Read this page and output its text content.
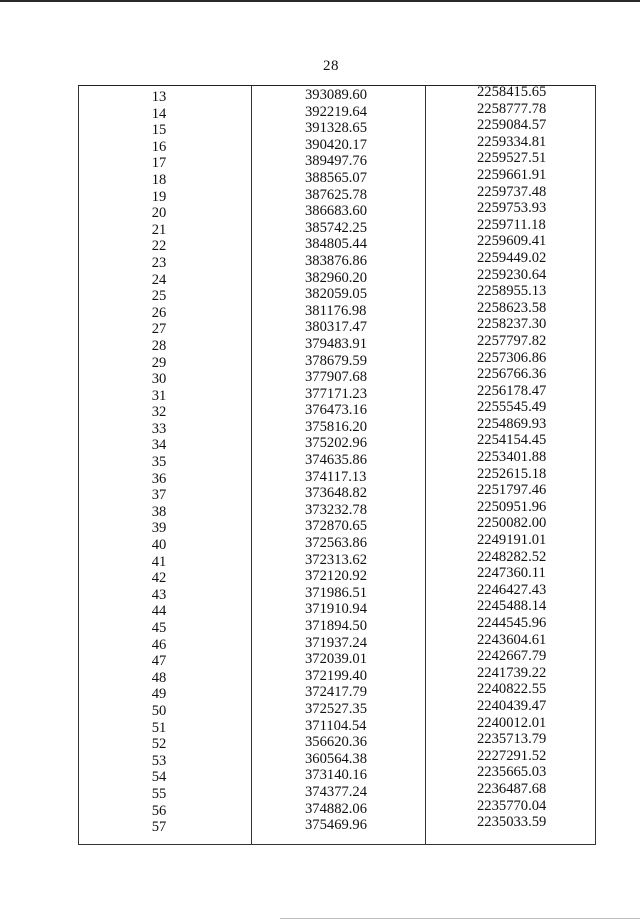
28
13	393089.60	2258415.65
14	392219.64	2258777.78
15	391328.65	2259084.57
16	390420.17	2259334.81
17	389497.76	2259527.51
18	388565.07	2259661.91
19	387625.78	2259737.48
20	386683.60	2259753.93
21	385742.25	2259711.18
22	384805.44	2259609.41
23	383876.86	2259449.02
24	382960.20	2259230.64
25	382059.05	2258955.13
26	381176.98	2258623.58
27	380317.47	2258237.30
28	379483.91	2257797.82
29	378679.59	2257306.86
30	377907.68	2256766.36
31	377171.23	2256178.47
32	376473.16	2255545.49
33	375816.20	2254869.93
34	375202.96	2254154.45
35	374635.86	2253401.88
36	374117.13	2252615.18
37	373648.82	2251797.46
38	373232.78	2250951.96
39	372870.65	2250082.00
40	372563.86	2249191.01
41	372313.62	2248282.52
42	372120.92	2247360.11
43	371986.51	2246427.43
44	371910.94	2245488.14
45	371894.50	2244545.96
46	371937.24	2243604.61
47	372039.01	2242667.79
48	372199.40	2241739.22
49	372417.79	2240822.55
50	372527.35	2240439.47
51	371104.54	2240012.01
52	356620.36	2235713.79
53	360564.38	2227291.52
54	373140.16	2235665.03
55	374377.24	2236487.68
56	374882.06	2235770.04
57	375469.96	2235033.59
